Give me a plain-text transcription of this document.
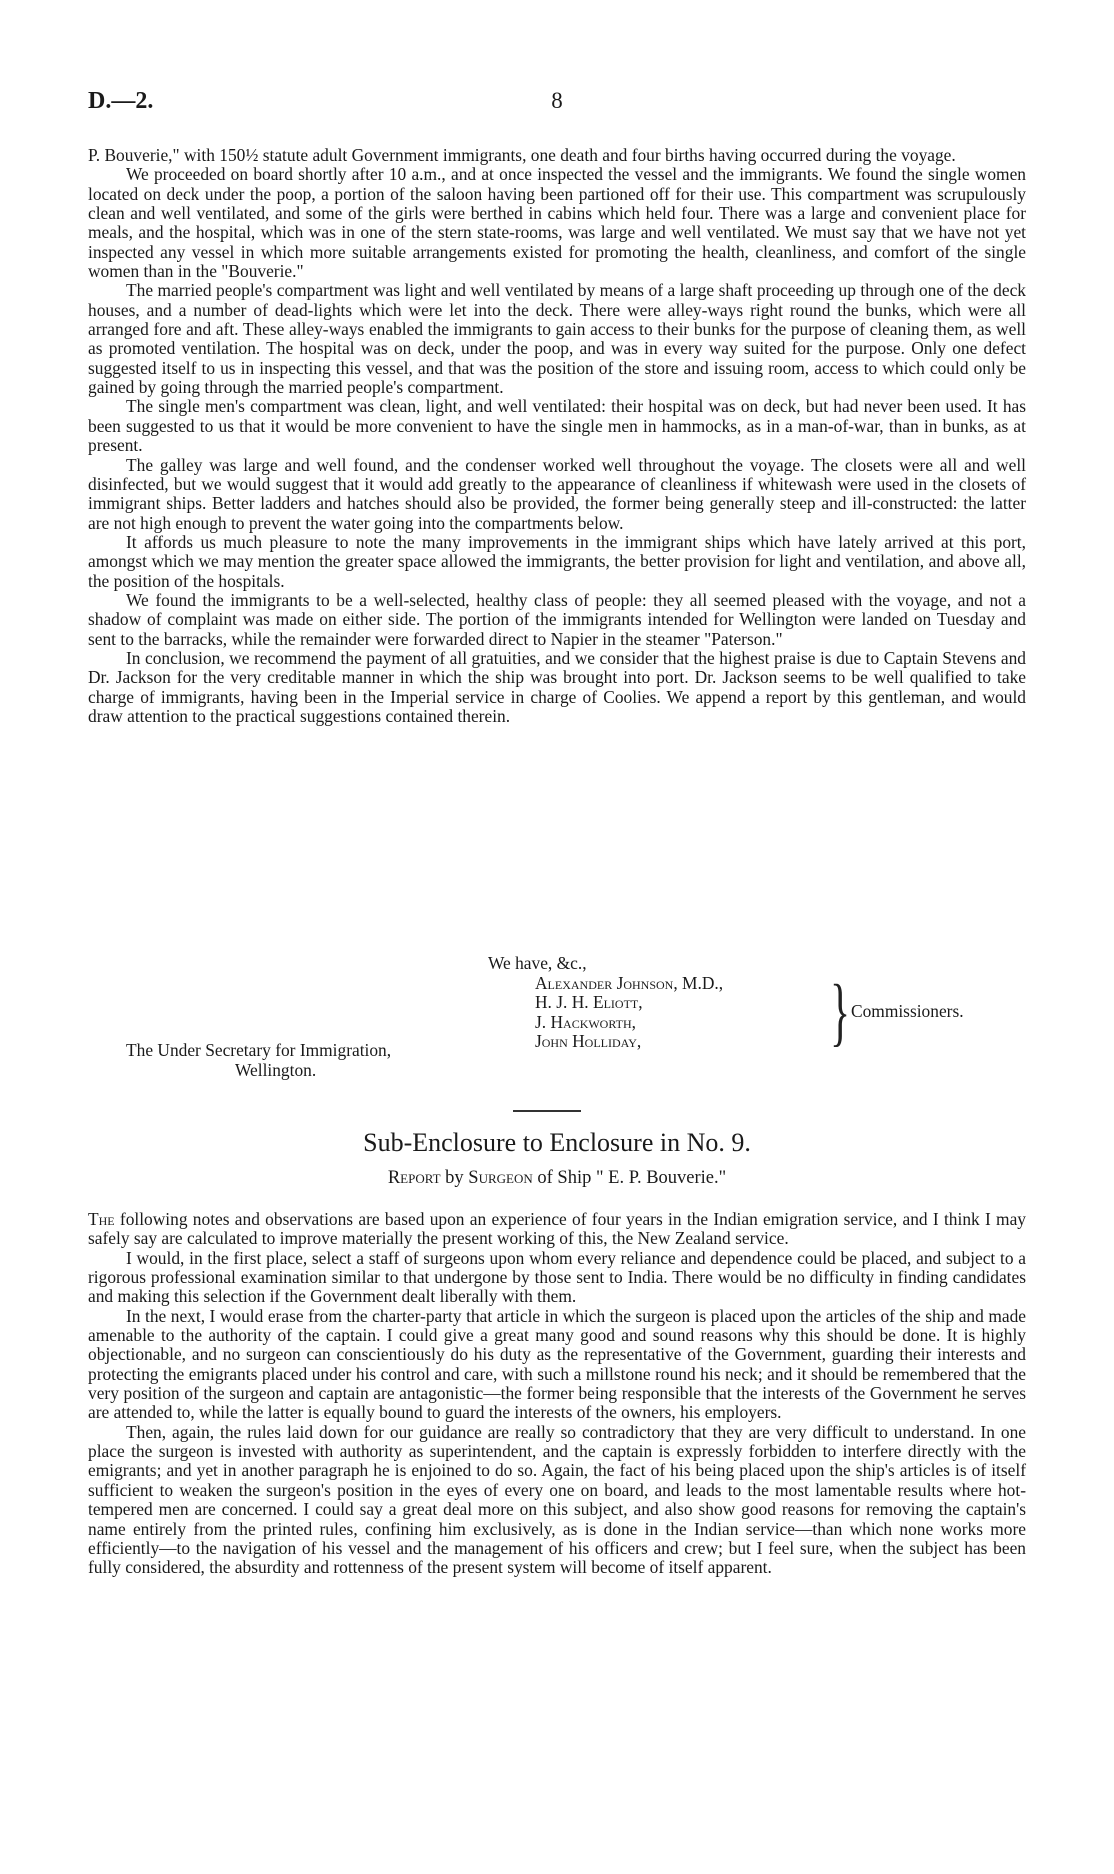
D.—2.	8

P. Bouverie," with 150½ statute adult Government immigrants, one death and four births having occurred during the voyage.

We proceeded on board shortly after 10 a.m., and at once inspected the vessel and the immigrants. We found the single women located on deck under the poop, a portion of the saloon having been partioned off for their use. This compartment was scrupulously clean and well ventilated, and some of the girls were berthed in cabins which held four. There was a large and convenient place for meals, and the hospital, which was in one of the stern state-rooms, was large and well ventilated. We must say that we have not yet inspected any vessel in which more suitable arrangements existed for promoting the health, cleanliness, and comfort of the single women than in the "Bouverie."

The married people's compartment was light and well ventilated by means of a large shaft proceeding up through one of the deck houses, and a number of dead-lights which were let into the deck. There were alley-ways right round the bunks, which were all arranged fore and aft. These alley-ways enabled the immigrants to gain access to their bunks for the purpose of cleaning them, as well as promoted ventilation. The hospital was on deck, under the poop, and was in every way suited for the purpose. Only one defect suggested itself to us in inspecting this vessel, and that was the position of the store and issuing room, access to which could only be gained by going through the married people's compartment.

The single men's compartment was clean, light, and well ventilated: their hospital was on deck, but had never been used. It has been suggested to us that it would be more convenient to have the single men in hammocks, as in a man-of-war, than in bunks, as at present.

The galley was large and well found, and the condenser worked well throughout the voyage. The closets were all and well disinfected, but we would suggest that it would add greatly to the appearance of cleanliness if whitewash were used in the closets of immigrant ships. Better ladders and hatches should also be provided, the former being generally steep and ill-constructed: the latter are not high enough to prevent the water going into the compartments below.

It affords us much pleasure to note the many improvements in the immigrant ships which have lately arrived at this port, amongst which we may mention the greater space allowed the immigrants, the better provision for light and ventilation, and above all, the position of the hospitals.

We found the immigrants to be a well-selected, healthy class of people: they all seemed pleased with the voyage, and not a shadow of complaint was made on either side. The portion of the immigrants intended for Wellington were landed on Tuesday and sent to the barracks, while the remainder were forwarded direct to Napier in the steamer "Paterson."

In conclusion, we recommend the payment of all gratuities, and we consider that the highest praise is due to Captain Stevens and Dr. Jackson for the very creditable manner in which the ship was brought into port. Dr. Jackson seems to be well qualified to take charge of immigrants, having been in the Imperial service in charge of Coolies. We append a report by this gentleman, and would draw attention to the practical suggestions contained therein.

We have, &c.,
Alexander Johnson, M.D.,
H. J. H. Eliott,
J. Hackworth,
John Holliday,	} Commissioners.
The Under Secretary for Immigration,
Wellington.
Sub-Enclosure to Enclosure in No. 9.
Report by Surgeon of Ship " E. P. Bouverie."

The following notes and observations are based upon an experience of four years in the Indian emigration service, and I think I may safely say are calculated to improve materially the present working of this, the New Zealand service.

I would, in the first place, select a staff of surgeons upon whom every reliance and dependence could be placed, and subject to a rigorous professional examination similar to that undergone by those sent to India. There would be no difficulty in finding candidates and making this selection if the Government dealt liberally with them.

In the next, I would erase from the charter-party that article in which the surgeon is placed upon the articles of the ship and made amenable to the authority of the captain. I could give a great many good and sound reasons why this should be done. It is highly objectionable, and no surgeon can conscientiously do his duty as the representative of the Government, guarding their interests and protecting the emigrants placed under his control and care, with such a millstone round his neck; and it should be remembered that the very position of the surgeon and captain are antagonistic—the former being responsible that the interests of the Government he serves are attended to, while the latter is equally bound to guard the interests of the owners, his employers.

Then, again, the rules laid down for our guidance are really so contradictory that they are very difficult to understand. In one place the surgeon is invested with authority as superintendent, and the captain is expressly forbidden to interfere directly with the emigrants; and yet in another paragraph he is enjoined to do so. Again, the fact of his being placed upon the ship's articles is of itself sufficient to weaken the surgeon's position in the eyes of every one on board, and leads to the most lamentable results where hot-tempered men are concerned. I could say a great deal more on this subject, and also show good reasons for removing the captain's name entirely from the printed rules, confining him exclusively, as is done in the Indian service—than which none works more efficiently—to the navigation of his vessel and the management of his officers and crew; but I feel sure, when the subject has been fully considered, the absurdity and rottenness of the present system will become of itself apparent.
